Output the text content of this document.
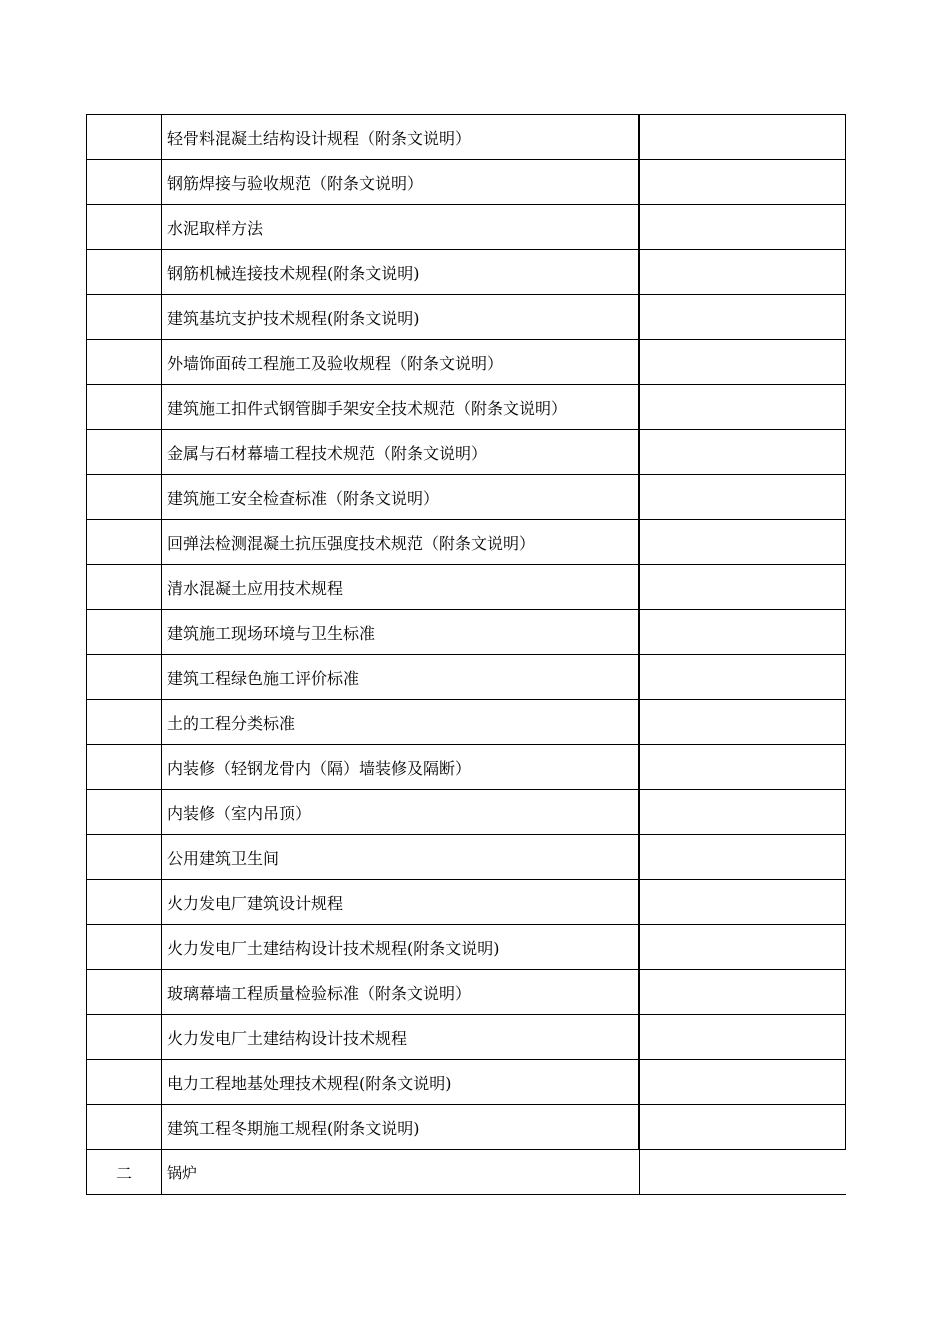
	轻骨料混凝土结构设计规程（附条文说明）	
	钢筋焊接与验收规范（附条文说明）	
	水泥取样方法	
	钢筋机械连接技术规程(附条文说明)	
	建筑基坑支护技术规程(附条文说明)	
	外墙饰面砖工程施工及验收规程（附条文说明）	
	建筑施工扣件式钢管脚手架安全技术规范（附条文说明）	
	金属与石材幕墙工程技术规范（附条文说明）	
	建筑施工安全检查标准（附条文说明）	
	回弹法检测混凝土抗压强度技术规范（附条文说明）	
	清水混凝土应用技术规程	
	建筑施工现场环境与卫生标准	
	建筑工程绿色施工评价标准	
	土的工程分类标准	
	内装修（轻钢龙骨内（隔）墙装修及隔断）	
	内装修（室内吊顶）	
	公用建筑卫生间	
	火力发电厂建筑设计规程	
	火力发电厂土建结构设计技术规程(附条文说明)	
	玻璃幕墙工程质量检验标准（附条文说明）	
	火力发电厂土建结构设计技术规程	
	电力工程地基处理技术规程(附条文说明)	
	建筑工程冬期施工规程(附条文说明)	
二	锅炉	
